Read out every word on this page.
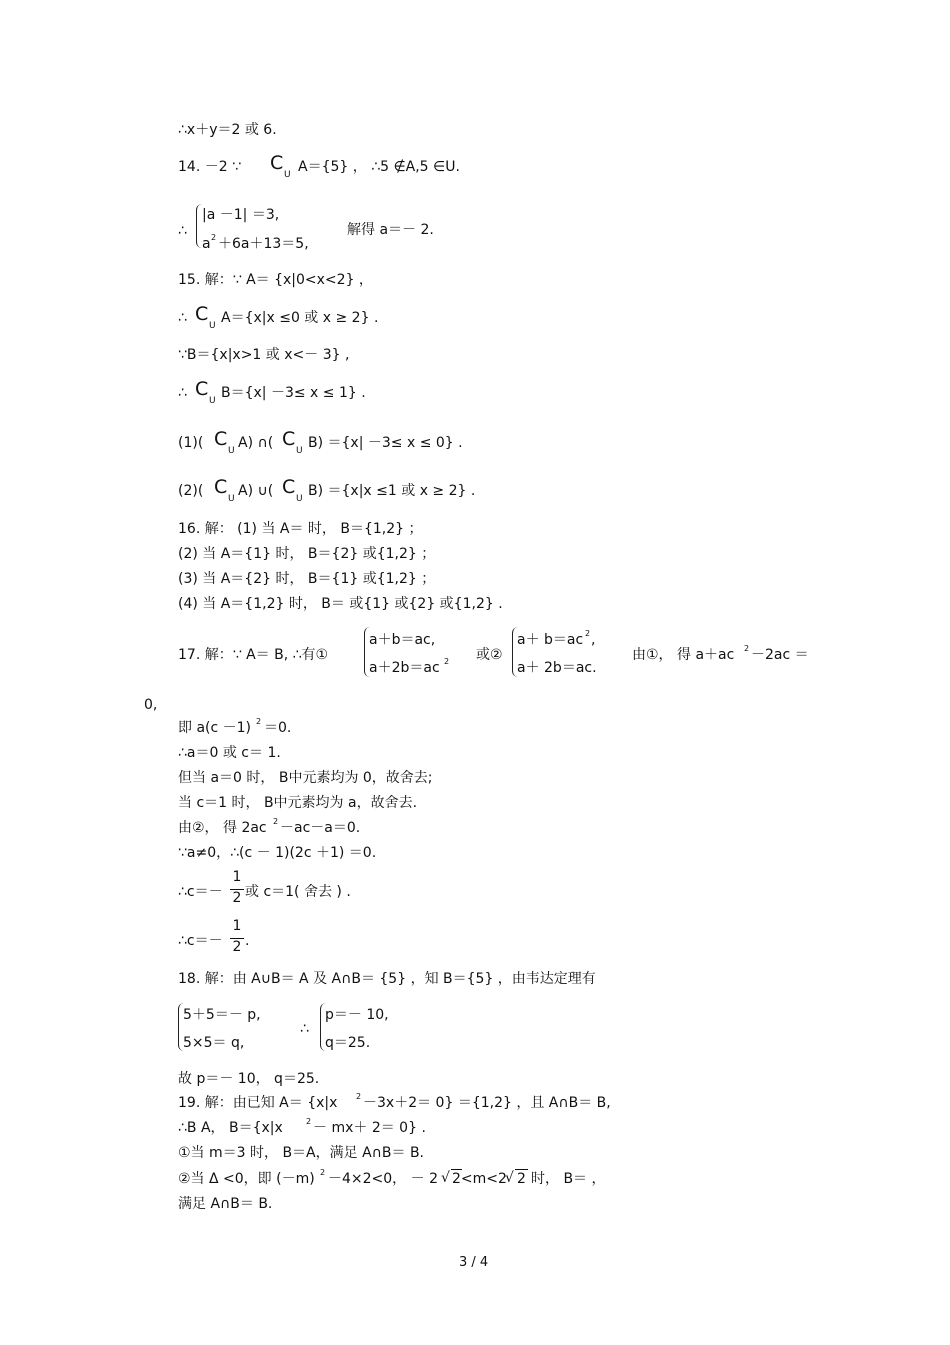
∴x＋y＝2 或 6.
14. －2 ∵ C
U A＝{5} ， ∴5 ∉A,5 ∈U.
∴
|a －1| ＝3,
a 2 ＋6a＋13＝5,
解得 a＝－ 2.
15. 解：∵ A＝ {x|0<x<2} ，
∴ C
U A＝{x|x ≤0 或 x ≥ 2} .
∵B＝{x|x>1 或 x<－ 3} ,
∴ C
U B＝{x| －3≤ x ≤ 1} .
(1)( C
U A) ∩( C
U B) ＝{x| －3≤ x ≤ 0} .
(2)( C
U A) ∪( C
U B) ＝{x|x ≤1 或 x ≥ 2} .
16. 解： (1) 当 A＝ 时， B＝{1,2} ；
(2) 当 A＝{1} 时， B＝{2} 或{1,2} ；
(3) 当 A＝{2} 时， B＝{1} 或{1,2} ；
(4) 当 A＝{1,2} 时， B＝ 或{1} 或{2} 或{1,2} .
17. 解：∵ A＝ B, ∴有①
a＋b＝ac,
a＋2b＝ac 2 或②
a＋ b＝ac 2 ,
a＋ 2b＝ac.
由①， 得 a＋ac 2 －2ac ＝
0,
即 a(c －1) 2 ＝0.
∴a＝0 或 c＝ 1.
但当 a＝0 时， B中元素均为 0，故舍去;
当 c＝1 时， B中元素均为 a，故舍去.
由②， 得 2ac 2 －ac－a＝0.
∵a≠0，∴(c － 1)(2c ＋1) ＝0.
∴c＝－
1
2 或 c＝1( 舍去 ) .
∴c＝－
1
2 .
18. 解：由 A∪B＝ A 及 A∩B＝ {5} ，知 B＝{5} ，由韦达定理有
5＋5＝－ p,
5×5＝ q,
∴
p＝－ 10,
q＝25.
故 p＝－ 10， q＝25.
19. 解：由已知 A＝ {x|x 2 －3x＋2＝ 0} ＝{1,2} ，且 A∩B＝ B,
∴B A， B＝{x|x	2 － mx＋ 2＝ 0} .
①当 m＝3 时， B＝A，满足 A∩B＝ B.
②当 Δ <0，即 (－m) 2 －4×2<0， － 2 √ 2<m<2
√ 2 时， B＝ ，
满足 A∩B＝ B.
3 / 4
